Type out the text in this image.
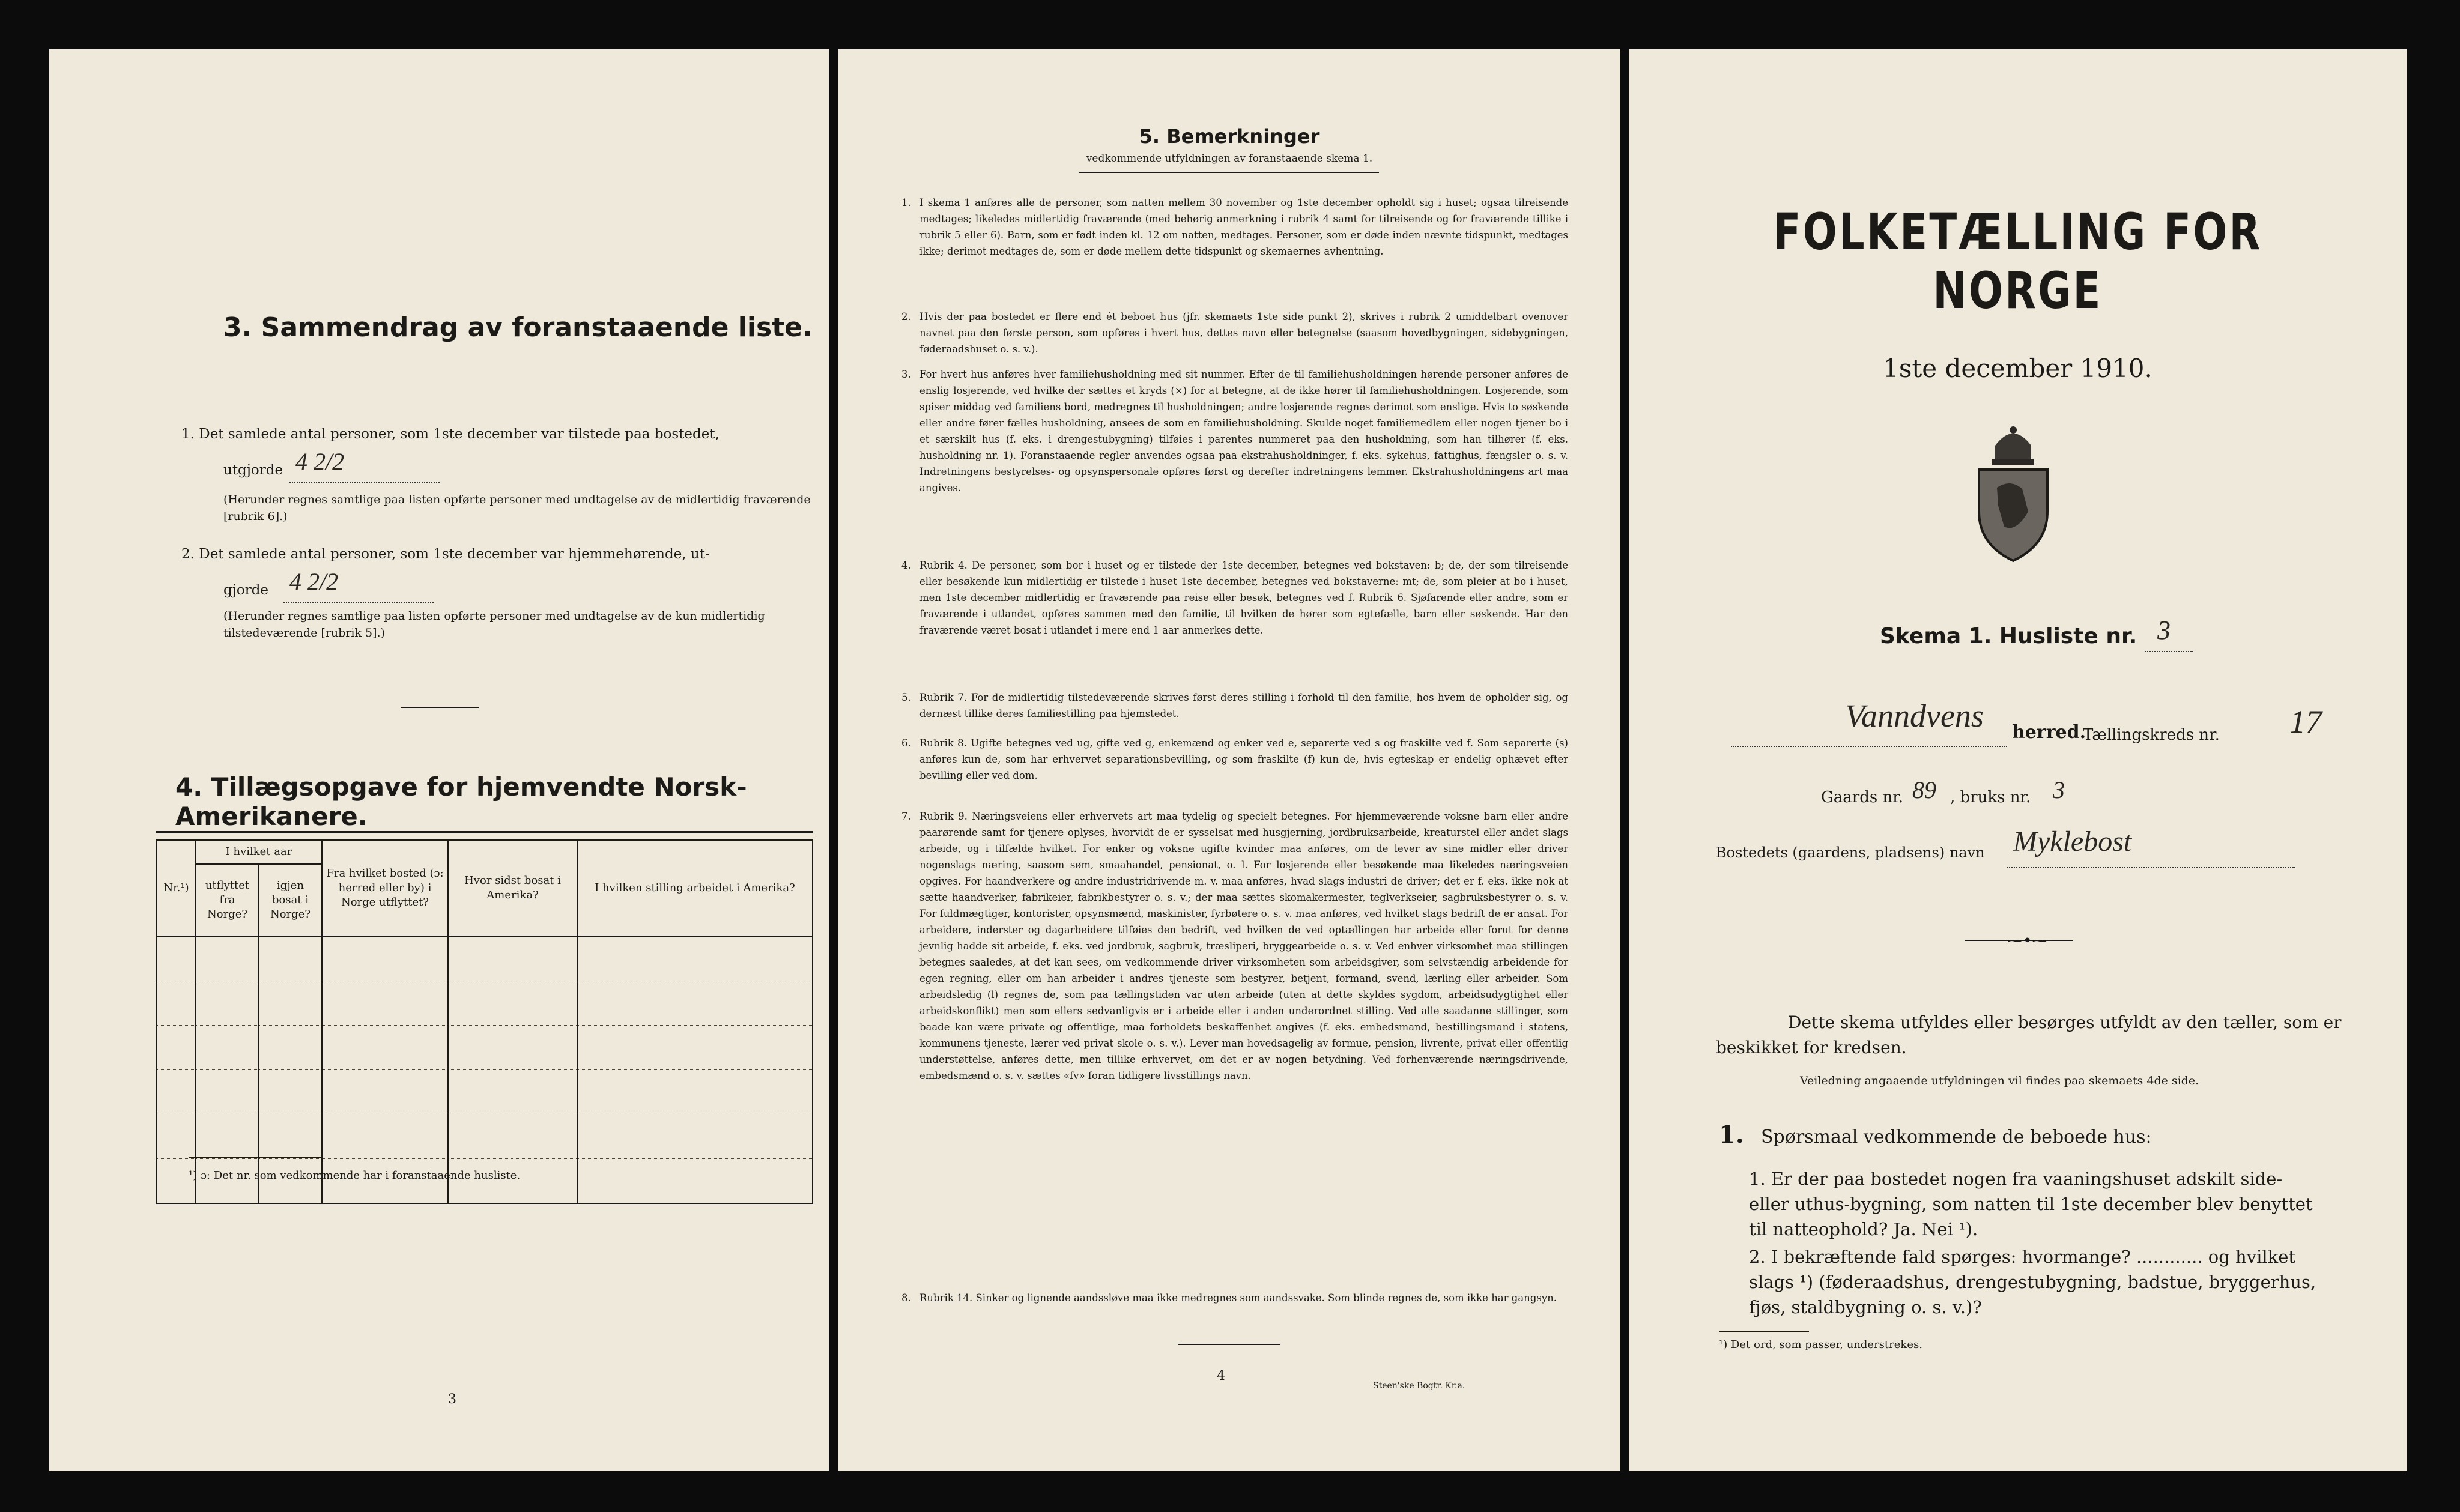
3. Sammendrag av foranstaaende liste.
1. Det samlede antal personer, som 1ste december var tilstede paa bostedet,
utgjorde 4 2/2
(Herunder regnes samtlige paa listen opførte personer med undtagelse av de midlertidig fraværende [rubrik 6].)
2. Det samlede antal personer, som 1ste december var hjemmehørende, ut-
gjorde 4 2/2
(Herunder regnes samtlige paa listen opførte personer med undtagelse av de kun midlertidig tilstedeværende [rubrik 5].)
4. Tillægsopgave for hjemvendte Norsk-Amerikanere.
Nr.¹)	I hvilket aar		Fra hvilket bosted (ɔ: herred eller by) i Norge utflyttet?	Hvor sidst bosat i Amerika?	I hvilken stilling arbeidet i Amerika?
	utflyttet fra Norge?	igjen bosat i Norge?			

¹) ɔ: Det nr. som vedkommende har i foranstaaende husliste.
3
5. Bemerkninger
vedkommende utfyldningen av foranstaaende skema 1.
1. I skema 1 anføres alle de personer, som natten mellem 30 november og 1ste december opholdt sig i huset; ogsaa tilreisende medtages; likeledes midlertidig fraværende (med behørig anmerkning i rubrik 4 samt for tilreisende og for fraværende tillike i rubrik 5 eller 6). Barn, som er født inden kl. 12 om natten, medtages. Personer, som er døde inden nævnte tidspunkt, medtages ikke; derimot medtages de, som er døde mellem dette tidspunkt og skemaernes avhentning.
2. Hvis der paa bostedet er flere end ét beboet hus (jfr. skemaets 1ste side punkt 2), skrives i rubrik 2 umiddelbart ovenover navnet paa den første person, som opføres i hvert hus, dettes navn eller betegnelse (saasom hovedbygningen, sidebygningen, føderaadshuset o. s. v.).
3. For hvert hus anføres hver familiehusholdning med sit nummer. Efter de til familiehusholdningen hørende personer anføres de enslig losjerende, ved hvilke der sættes et kryds (×) for at betegne, at de ikke hører til familiehusholdningen. Losjerende, som spiser middag ved familiens bord, medregnes til husholdningen; andre losjerende regnes derimot som enslige. Hvis to søskende eller andre fører fælles husholdning, ansees de som en familiehusholdning. Skulde noget familiemedlem eller nogen tjener bo i et særskilt hus (f. eks. i drengestubygning) tilføies i parentes nummeret paa den husholdning, som han tilhører (f. eks. husholdning nr. 1). Foranstaaende regler anvendes ogsaa paa ekstrahusholdninger, f. eks. sykehus, fattighus, fængsler o. s. v. Indretningens bestyrelses- og opsynspersonale opføres først og derefter indretningens lemmer. Ekstrahusholdningens art maa angives.
4. Rubrik 4. De personer, som bor i huset og er tilstede der 1ste december, betegnes ved bokstaven: b; de, der som tilreisende eller besøkende kun midlertidig er tilstede i huset 1ste december, betegnes ved bokstaverne: mt; de, som pleier at bo i huset, men 1ste december midlertidig er fraværende paa reise eller besøk, betegnes ved f. Rubrik 6. Sjøfarende eller andre, som er fraværende i utlandet, opføres sammen med den familie, til hvilken de hører som egtefælle, barn eller søskende. Har den fraværende været bosat i utlandet i mere end 1 aar anmerkes dette.
5. Rubrik 7. For de midlertidig tilstedeværende skrives først deres stilling i forhold til den familie, hos hvem de opholder sig, og dernæst tillike deres familiestilling paa hjemstedet.
6. Rubrik 8. Ugifte betegnes ved ug, gifte ved g, enkemænd og enker ved e, separerte ved s og fraskilte ved f. Som separerte (s) anføres kun de, som har erhvervet separationsbevilling, og som fraskilte (f) kun de, hvis egteskap er endelig ophævet efter bevilling eller ved dom.
7. Rubrik 9. Næringsveiens eller erhvervets art maa tydelig og specielt betegnes. For hjemmeværende voksne barn eller andre paarørende samt for tjenere oplyses, hvorvidt de er sysselsat med husgjerning, jordbruksarbeide, kreaturstel eller andet slags arbeide, og i tilfælde hvilket. For enker og voksne ugifte kvinder maa anføres, om de lever av sine midler eller driver nogenslags næring, saasom søm, smaahandel, pensionat, o. l. For losjerende eller besøkende maa likeledes næringsveien opgives. For haandverkere og andre industridrivende m. v. maa anføres, hvad slags industri de driver; det er f. eks. ikke nok at sætte haandverker, fabrikeier, fabrikbestyrer o. s. v.; der maa sættes skomakermester, teglverkseier, sagbruksbestyrer o. s. v. For fuldmægtiger, kontorister, opsynsmænd, maskinister, fyrbøtere o. s. v. maa anføres, ved hvilket slags bedrift de er ansat. For arbeidere, inderster og dagarbeidere tilføies den bedrift, ved hvilken de ved optællingen har arbeide eller forut for denne jevnlig hadde sit arbeide, f. eks. ved jordbruk, sagbruk, træsliperi, bryggearbeide o. s. v. Ved enhver virksomhet maa stillingen betegnes saaledes, at det kan sees, om vedkommende driver virksomheten som arbeidsgiver, som selvstændig arbeidende for egen regning, eller om han arbeider i andres tjeneste som bestyrer, betjent, formand, svend, lærling eller arbeider. Som arbeidsledig (l) regnes de, som paa tællingstiden var uten arbeide (uten at dette skyldes sygdom, arbeidsudygtighet eller arbeidskonflikt) men som ellers sedvanligvis er i arbeide eller i anden underordnet stilling. Ved alle saadanne stillinger, som baade kan være private og offentlige, maa forholdets beskaffenhet angives (f. eks. embedsmand, bestillingsmand i statens, kommunens tjeneste, lærer ved privat skole o. s. v.). Lever man hovedsagelig av formue, pension, livrente, privat eller offentlig understøttelse, anføres dette, men tillike erhvervet, om det er av nogen betydning. Ved forhenværende næringsdrivende, embedsmænd o. s. v. sættes «fv» foran tidligere livsstillings navn.
8. Rubrik 14. Sinker og lignende aandssløve maa ikke medregnes som aandssvake. Som blinde regnes de, som ikke har gangsyn.
4
Steen'ske Bogtr. Kr.a.
FOLKETÆLLING FOR NORGE
1ste december 1910.
Skema 1. Husliste nr. 3
Vanndvens herred.
Tællingskreds nr. 17
Gaards nr. 89 , bruks nr. 3
Bostedets (gaardens, pladsens) navn Myklebost
⁓•⁓
Dette skema utfyldes eller besørges utfyldt av den tæller, som er beskikket for kredsen.
Veiledning angaaende utfyldningen vil findes paa skemaets 4de side.
1. Spørsmaal vedkommende de beboede hus:
1. Er der paa bostedet nogen fra vaaningshuset adskilt side- eller uthus-bygning, som natten til 1ste december blev benyttet til natteophold? Ja. Nei ¹).
2. I bekræftende fald spørges: hvormange? ............ og hvilket slags ¹) (føderaadshus, drengestubygning, badstue, bryggerhus, fjøs, staldbygning o. s. v.)?
¹) Det ord, som passer, understrekes.
